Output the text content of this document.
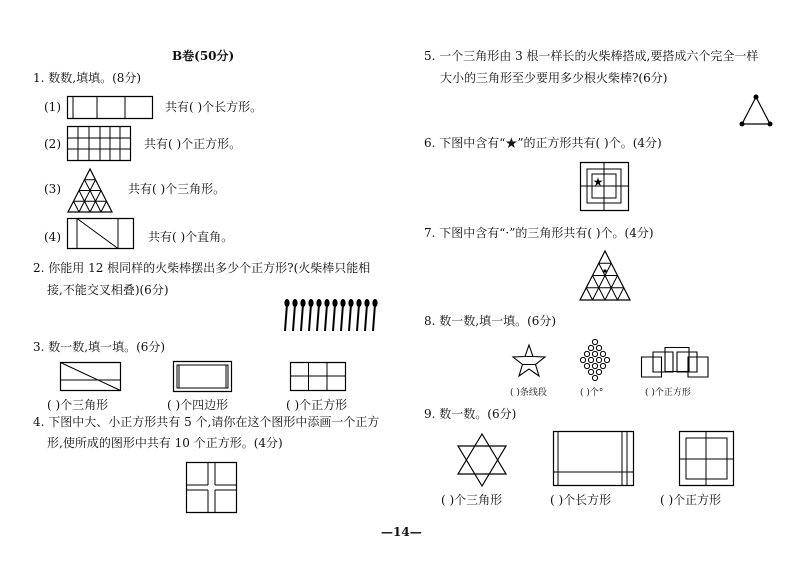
B卷(50分)
1. 数数,填填。(8分)
(1)	共有( )个长方形。
(2)	共有( )个正方形。
(3)	共有( )个三角形。
(4)	共有( )个直角。
2. 你能用 12 根同样的火柴棒摆出多少个正方形?(火柴棒只能相
接,不能交叉相叠)(6分)
3. 数一数,填一填。(6分)
( )个三角形	( )个四边形	( )个正方形
4. 下图中大、小正方形共有 5 个,请你在这个图形中添画一个正方
形,使所成的图形中共有 10 个正方形。(4分)
5. 一个三角形由 3 根一样长的火柴棒搭成,要搭成六个完全一样
大小的三角形至少要用多少根火柴棒?(6分)
6. 下图中含有“★”的正方形共有( )个。(4分)
★
7. 下图中含有“·”的三角形共有( )个。(4分)
8. 数一数,填一填。(6分)
( )条线段	( )个°	( )个正方形
9. 数一数。(6分)
( )个三角形	( )个长方形	( )个正方形
—14—
